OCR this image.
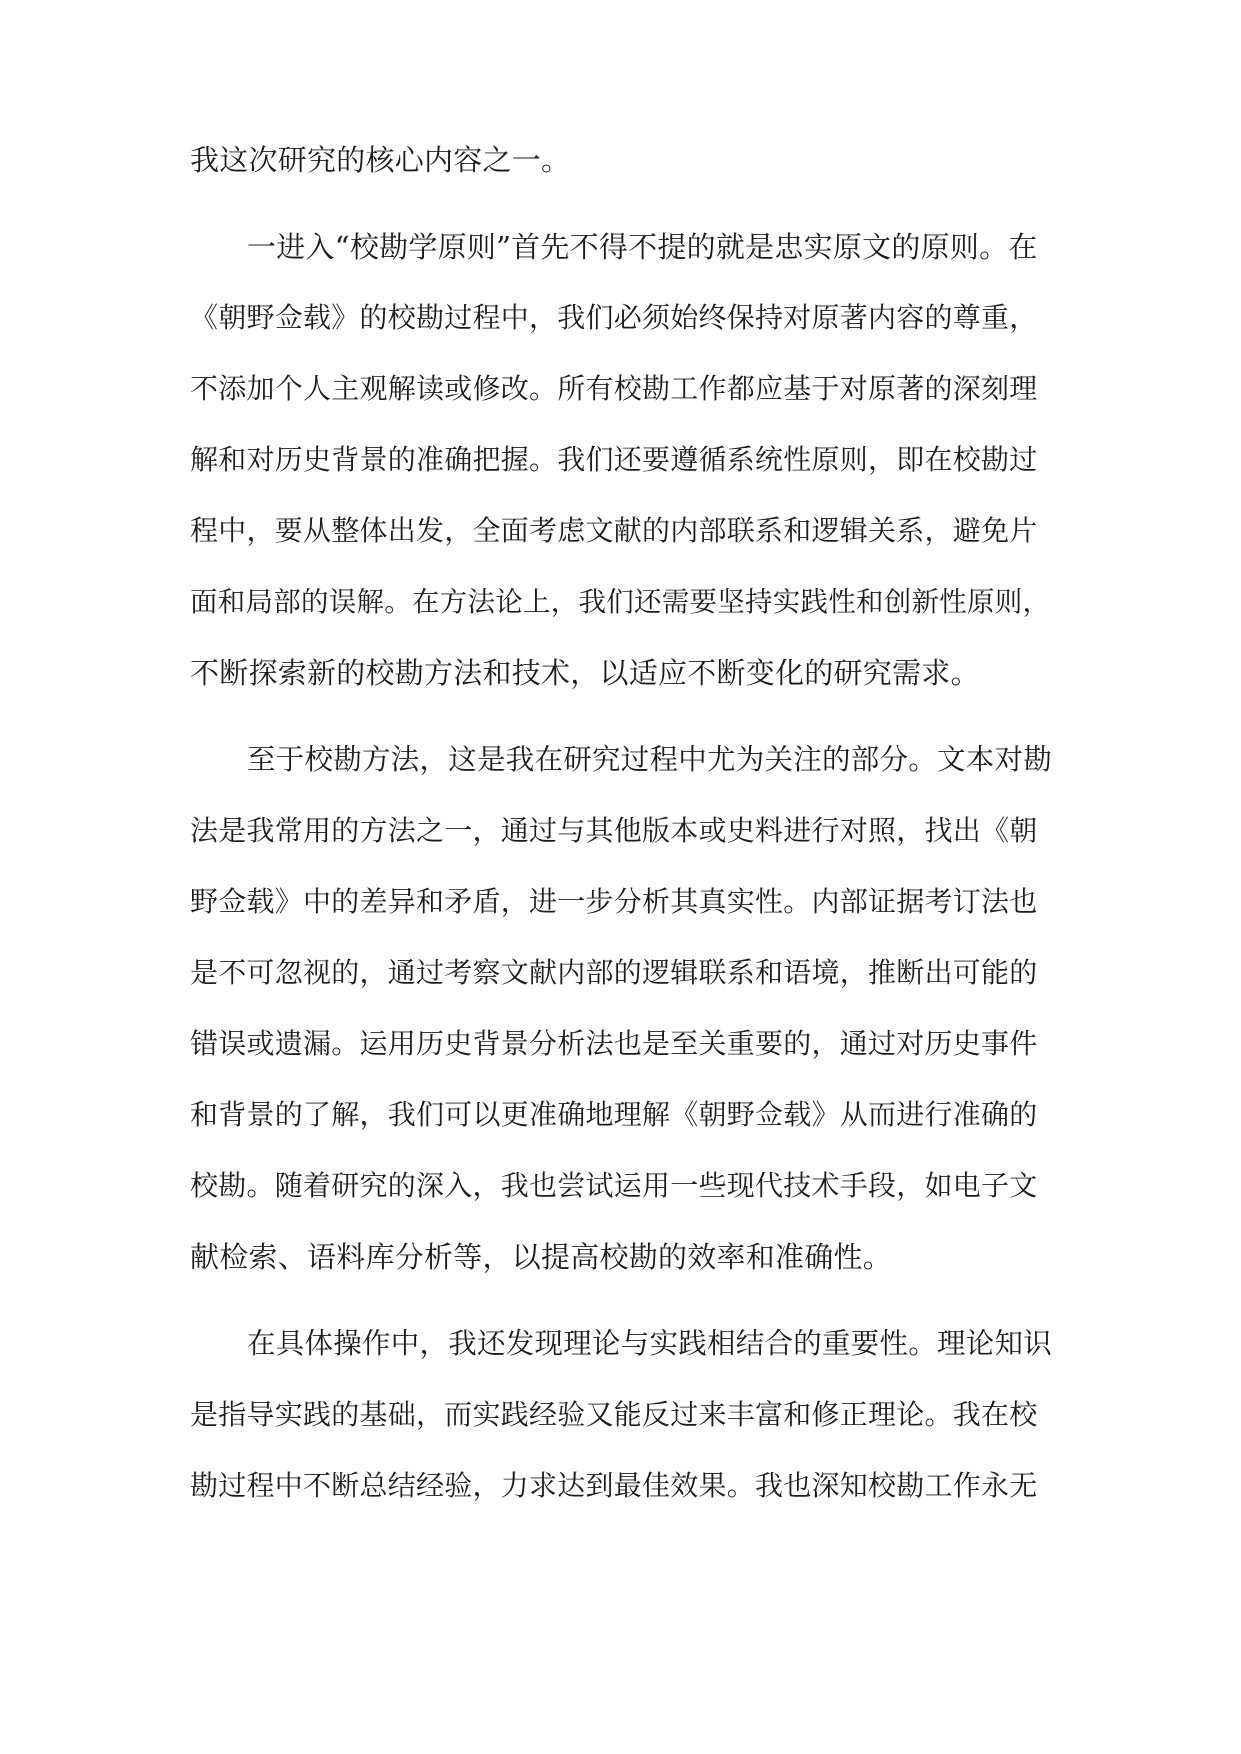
我这次研究的核心内容之一。

一进入“校勘学原则”首先不得不提的就是忠实原文的原则。在

《朝野佥载》的校勘过程中，我们必须始终保持对原著内容的尊重，

不添加个人主观解读或修改。所有校勘工作都应基于对原著的深刻理

解和对历史背景的准确把握。我们还要遵循系统性原则，即在校勘过

程中，要从整体出发，全面考虑文献的内部联系和逻辑关系，避免片

面和局部的误解。在方法论上，我们还需要坚持实践性和创新性原则，

不断探索新的校勘方法和技术，以适应不断变化的研究需求。

至于校勘方法，这是我在研究过程中尤为关注的部分。文本对勘

法是我常用的方法之一，通过与其他版本或史料进行对照，找出《朝

野佥载》中的差异和矛盾，进一步分析其真实性。内部证据考订法也

是不可忽视的，通过考察文献内部的逻辑联系和语境，推断出可能的

错误或遗漏。运用历史背景分析法也是至关重要的，通过对历史事件

和背景的了解，我们可以更准确地理解《朝野佥载》从而进行准确的

校勘。随着研究的深入，我也尝试运用一些现代技术手段，如电子文

献检索、语料库分析等，以提高校勘的效率和准确性。

在具体操作中，我还发现理论与实践相结合的重要性。理论知识

是指导实践的基础，而实践经验又能反过来丰富和修正理论。我在校

勘过程中不断总结经验，力求达到最佳效果。我也深知校勘工作永无
